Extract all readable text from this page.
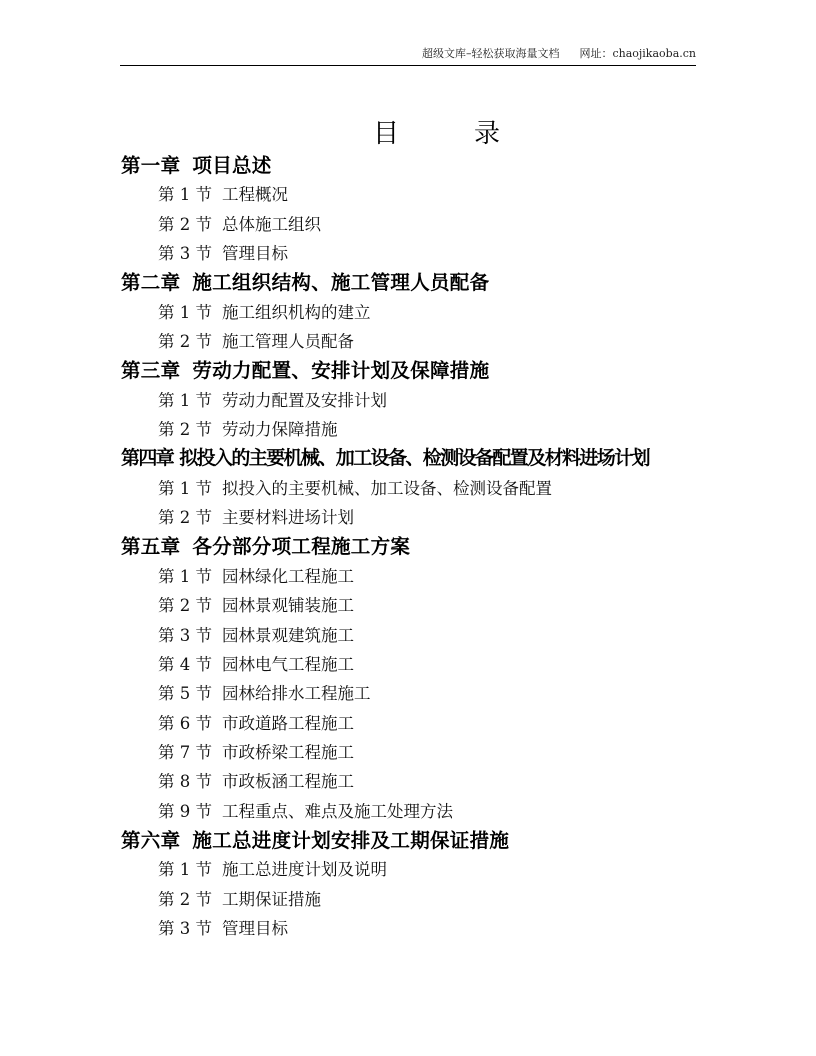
超级文库–轻松获取海量文档 网址：chaojikaoba.cn
目	录
第一章 项目总述
第 1 节 工程概况
第 2 节 总体施工组织
第 3 节 管理目标
第二章 施工组织结构、施工管理人员配备
第 1 节 施工组织机构的建立
第 2 节 施工管理人员配备
第三章 劳动力配置、安排计划及保障措施
第 1 节 劳动力配置及安排计划
第 2 节 劳动力保障措施
第四章 拟投入的主要机械、加工设备、检测设备配置及材料进场计划
第 1 节 拟投入的主要机械、加工设备、检测设备配置
第 2 节 主要材料进场计划
第五章 各分部分项工程施工方案
第 1 节 园林绿化工程施工
第 2 节 园林景观铺装施工
第 3 节 园林景观建筑施工
第 4 节 园林电气工程施工
第 5 节 园林给排水工程施工
第 6 节 市政道路工程施工
第 7 节 市政桥梁工程施工
第 8 节 市政板涵工程施工
第 9 节 工程重点、难点及施工处理方法
第六章 施工总进度计划安排及工期保证措施
第 1 节 施工总进度计划及说明
第 2 节 工期保证措施
第 3 节 管理目标
